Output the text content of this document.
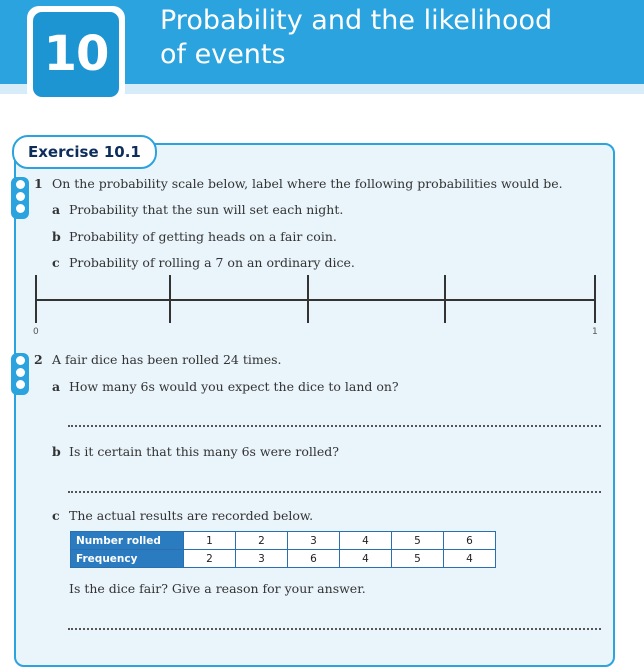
10
Probability and the likelihood
of events
Exercise 10.1
1 On the probability scale below, label where the following probabilities would be.
a Probability that the sun will set each night.
b Probability of getting heads on a fair coin.
c Probability of rolling a 7 on an ordinary dice.
0	1
2 A fair dice has been rolled 24 times.
a How many 6s would you expect the dice to land on?
b Is it certain that this many 6s were rolled?
c The actual results are recorded below.
Number rolled	1	2	3	4	5	6
Frequency	2	3	6	4	5	4
Is the dice fair? Give a reason for your answer.
